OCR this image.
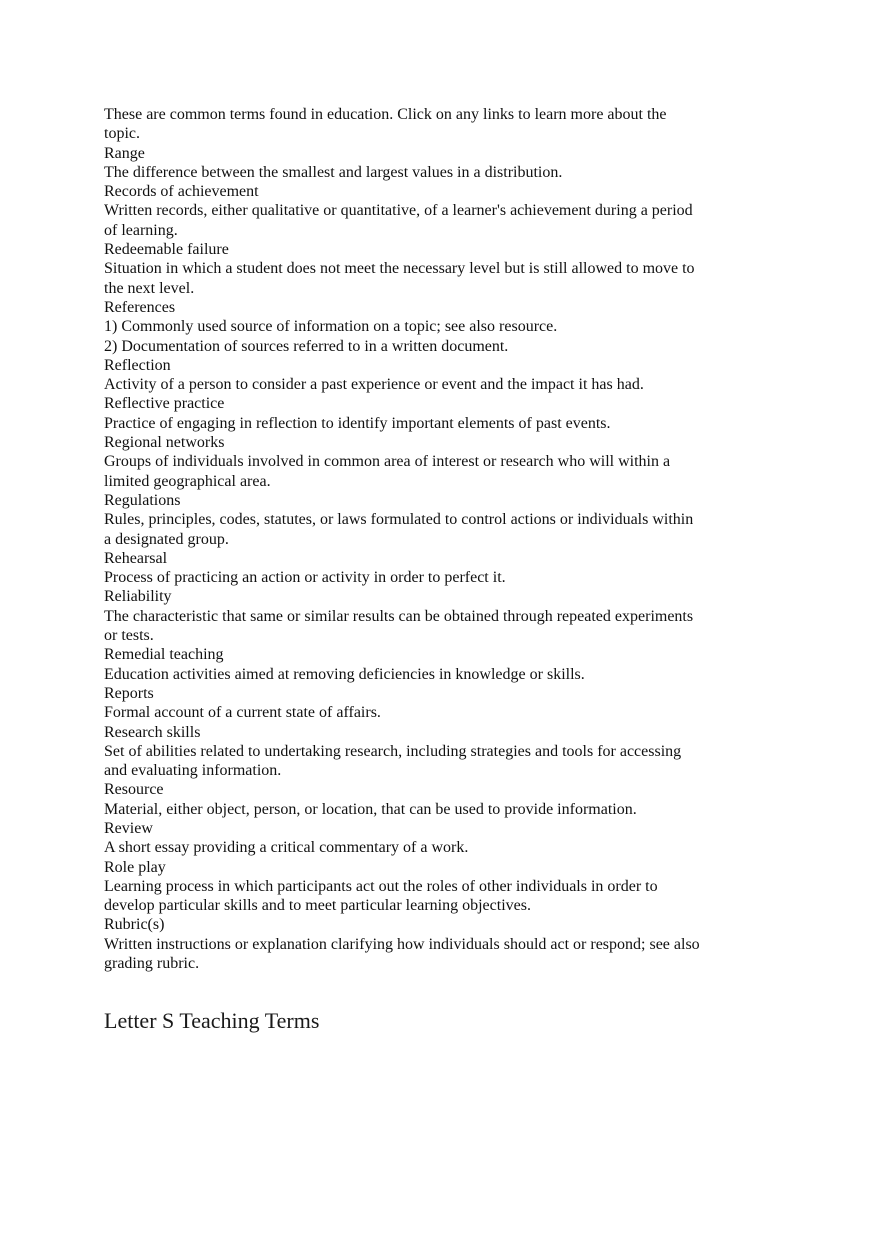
These are common terms found in education. Click on any links to learn more about the topic.

Range

The difference between the smallest and largest values in a distribution.

Records of achievement

Written records, either qualitative or quantitative, of a learner's achievement during a period of learning.

Redeemable failure

Situation in which a student does not meet the necessary level but is still allowed to move to the next level.

References

1) Commonly used source of information on a topic; see also resource.

2) Documentation of sources referred to in a written document.

Reflection

Activity of a person to consider a past experience or event and the impact it has had.

Reflective practice

Practice of engaging in reflection to identify important elements of past events.

Regional networks

Groups of individuals involved in common area of interest or research who will within a limited geographical area.

Regulations

Rules, principles, codes, statutes, or laws formulated to control actions or individuals within a designated group.

Rehearsal

Process of practicing an action or activity in order to perfect it.

Reliability

The characteristic that same or similar results can be obtained through repeated experiments or tests.

Remedial teaching

Education activities aimed at removing deficiencies in knowledge or skills.

Reports

Formal account of a current state of affairs.

Research skills

Set of abilities related to undertaking research, including strategies and tools for accessing and evaluating information.

Resource

Material, either object, person, or location, that can be used to provide information.

Review

A short essay providing a critical commentary of a work.

Role play

Learning process in which participants act out the roles of other individuals in order to develop particular skills and to meet particular learning objectives.

Rubric(s)

Written instructions or explanation clarifying how individuals should act or respond; see also grading rubric.

Letter S Teaching Terms
